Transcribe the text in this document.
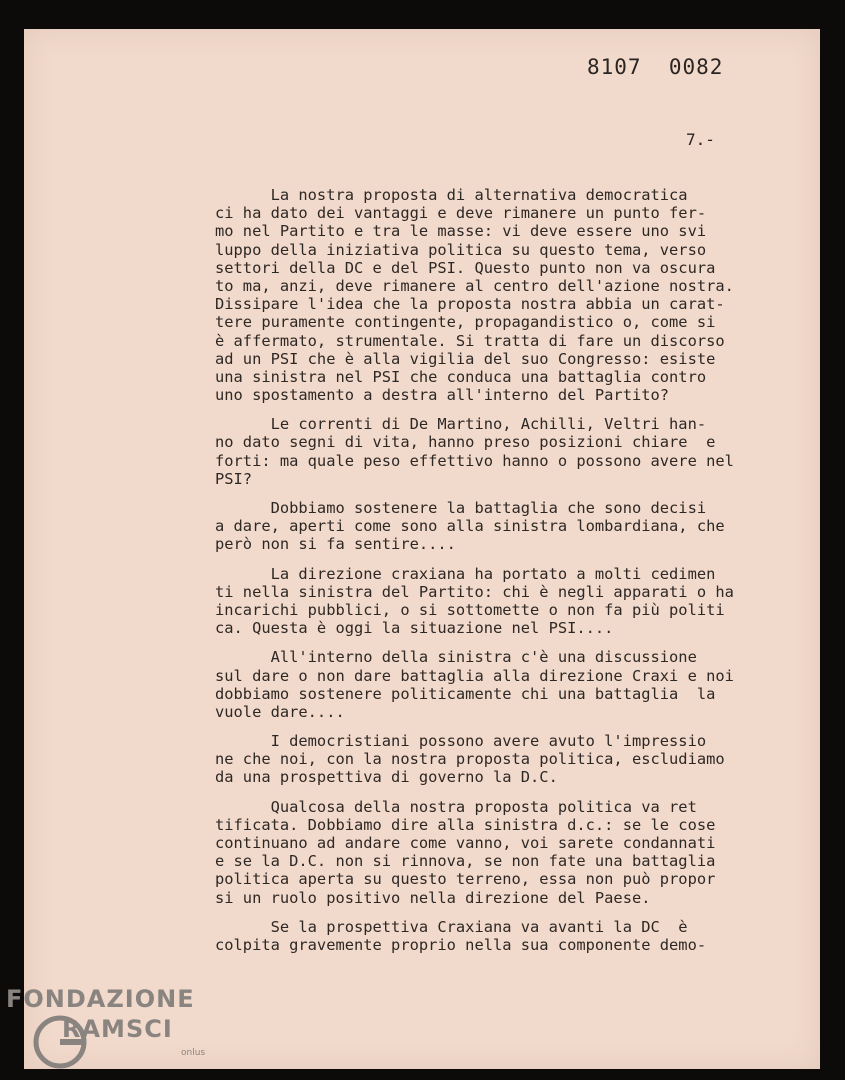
8107  0082
7.-
La nostra proposta di alternativa democratica
ci ha dato dei vantaggi e deve rimanere un punto fer-
mo nel Partito e tra le masse: vi deve essere uno svi
luppo della iniziativa politica su questo tema, verso
settori della DC e del PSI. Questo punto non va oscura
to ma, anzi, deve rimanere al centro dell'azione nostra.
Dissipare l'idea che la proposta nostra abbia un carat-
tere puramente contingente, propagandistico o, come si
è affermato, strumentale. Si tratta di fare un discorso
ad un PSI che è alla vigilia del suo Congresso: esiste
una sinistra nel PSI che conduca una battaglia contro
uno spostamento a destra all'interno del Partito?
Le correnti di De Martino, Achilli, Veltri han-
no dato segni di vita, hanno preso posizioni chiare  e
forti: ma quale peso effettivo hanno o possono avere nel
PSI?
Dobbiamo sostenere la battaglia che sono decisi
a dare, aperti come sono alla sinistra lombardiana, che
però non si fa sentire....
La direzione craxiana ha portato a molti cedimen
ti nella sinistra del Partito: chi è negli apparati o ha
incarichi pubblici, o si sottomette o non fa più politi
ca. Questa è oggi la situazione nel PSI....
All'interno della sinistra c'è una discussione
sul dare o non dare battaglia alla direzione Craxi e noi
dobbiamo sostenere politicamente chi una battaglia  la
vuole dare....
I democristiani possono avere avuto l'impressio
ne che noi, con la nostra proposta politica, escludiamo
da una prospettiva di governo la D.C.
Qualcosa della nostra proposta politica va ret
tificata. Dobbiamo dire alla sinistra d.c.: se le cose
continuano ad andare come vanno, voi sarete condannati
e se la D.C. non si rinnova, se non fate una battaglia
politica aperta su questo terreno, essa non può propor
si un ruolo positivo nella direzione del Paese.
Se la prospettiva Craxiana va avanti la DC  è
colpita gravemente proprio nella sua componente demo-
FONDAZIONE
RAMSCI
onlus
